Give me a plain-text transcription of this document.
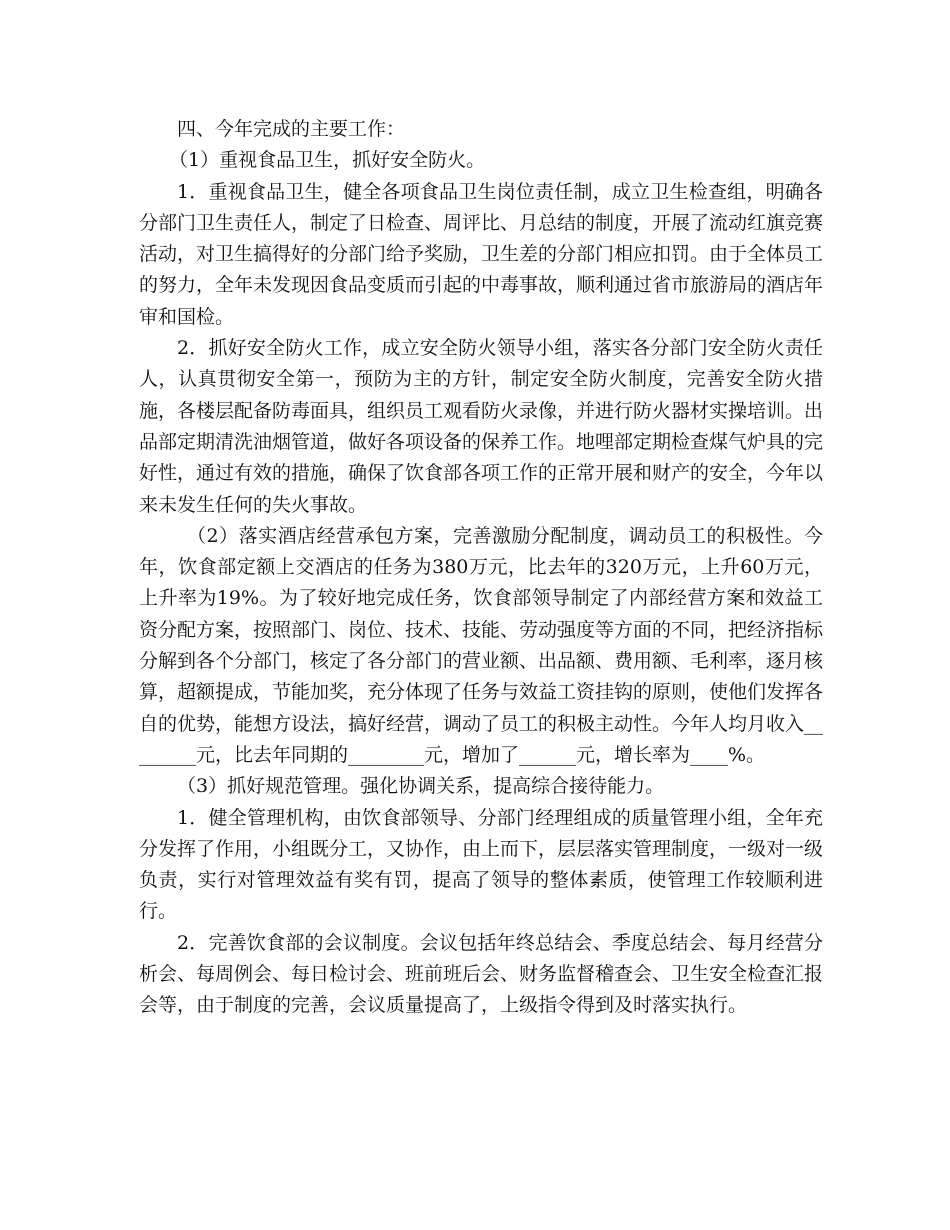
四、今年完成的主要工作：

（1）重视食品卫生，抓好安全防火。

1．重视食品卫生，健全各项食品卫生岗位责任制，成立卫生检查组，明确各分部门卫生责任人，制定了日检查、周评比、月总结的制度，开展了流动红旗竞赛活动，对卫生搞得好的分部门给予奖励，卫生差的分部门相应扣罚。由于全体员工的努力，全年未发现因食品变质而引起的中毒事故，顺利通过省市旅游局的酒店年审和国检。

2．抓好安全防火工作，成立安全防火领导小组，落实各分部门安全防火责任人，认真贯彻安全第一，预防为主的方针，制定安全防火制度，完善安全防火措施，各楼层配备防毒面具，组织员工观看防火录像，并进行防火器材实操培训。出品部定期清洗油烟管道，做好各项设备的保养工作。地哩部定期检查煤气炉具的完好性，通过有效的措施，确保了饮食部各项工作的正常开展和财产的安全，今年以来未发生任何的失火事故。

（2）落实酒店经营承包方案，完善激励分配制度，调动员工的积极性。今年，饮食部定额上交酒店的任务为380万元，比去年的320万元，上升60万元，上升率为19%。为了较好地完成任务，饮食部领导制定了内部经营方案和效益工资分配方案，按照部门、岗位、技术、技能、劳动强度等方面的不同，把经济指标分解到各个分部门，核定了各分部门的营业额、出品额、费用额、毛利率，逐月核算，超额提成，节能加奖，充分体现了任务与效益工资挂钩的原则，使他们发挥各自的优势，能想方设法，搞好经营，调动了员工的积极主动性。今年人均月收入________元，比去年同期的________元，增加了______元，增长率为____%。

（3）抓好规范管理。强化协调关系，提高综合接待能力。

1．健全管理机构，由饮食部领导、分部门经理组成的质量管理小组，全年充分发挥了作用，小组既分工，又协作，由上而下，层层落实管理制度，一级对一级负责，实行对管理效益有奖有罚，提高了领导的整体素质，使管理工作较顺利进行。

2．完善饮食部的会议制度。会议包括年终总结会、季度总结会、每月经营分析会、每周例会、每日检讨会、班前班后会、财务监督稽查会、卫生安全检查汇报会等，由于制度的完善，会议质量提高了，上级指令得到及时落实执行。
